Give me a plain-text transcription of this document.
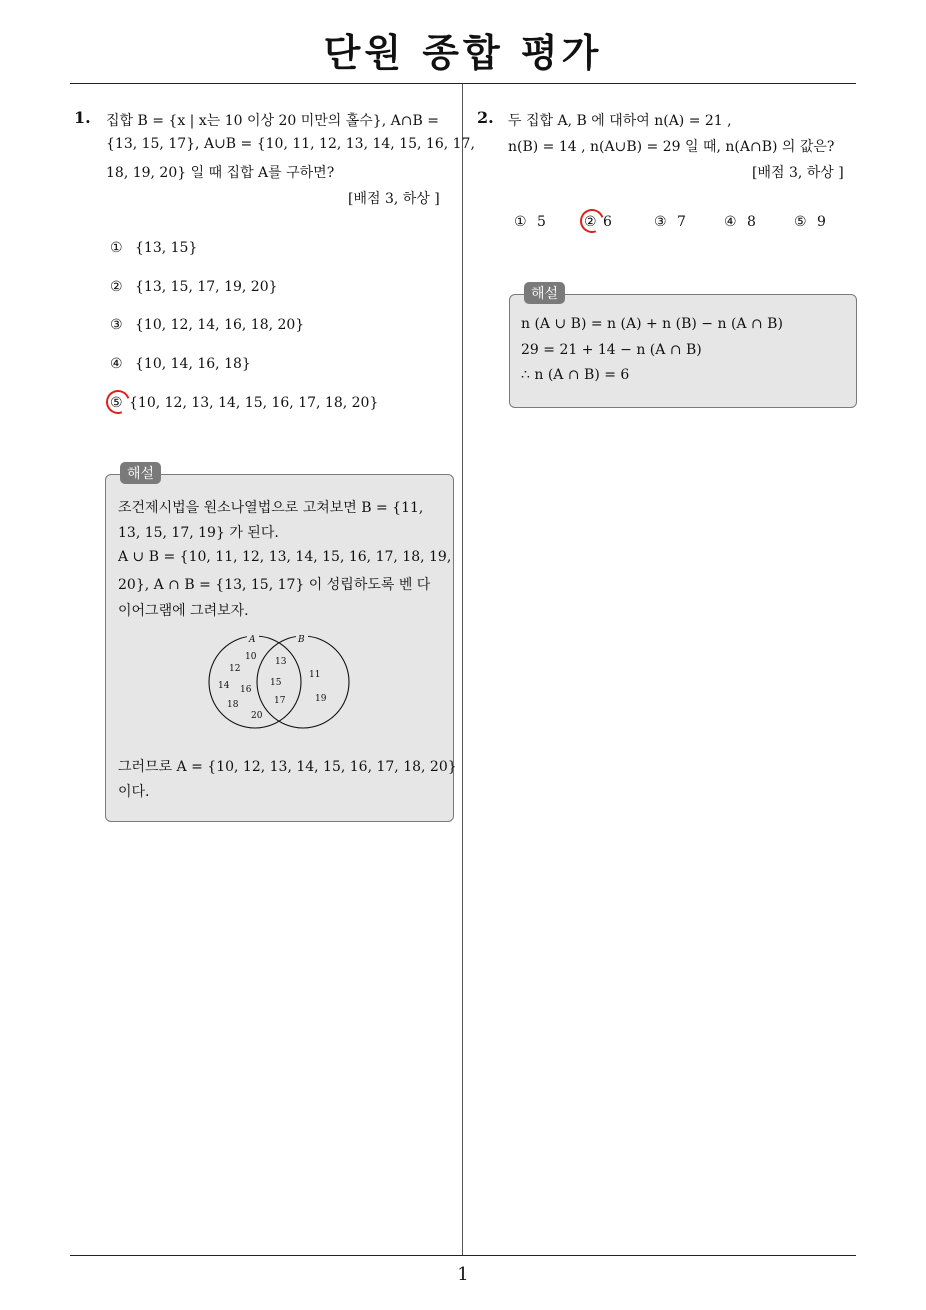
단원 종합 평가
1. 집합 B = {x | x는 10 이상 20 미만의 홀수}, A∩B =
{13, 15, 17}, A∪B = {10, 11, 12, 13, 14, 15, 16, 17,
18, 19, 20} 일 때 집합 A를 구하면?
[배점 3, 하상 ]
① {13, 15}
② {13, 15, 17, 19, 20}
③ {10, 12, 14, 16, 18, 20}
④ {10, 14, 16, 18}
⑤ {10, 12, 13, 14, 15, 16, 17, 18, 20}
해설
조건제시법을 원소나열법으로 고쳐보면 B = {11,
13, 15, 17, 19} 가 된다.
A ∪ B = {10, 11, 12, 13, 14, 15, 16, 17, 18, 19,
20}, A ∩ B = {13, 15, 17} 이 성립하도록 벤 다
이어그램에 그려보자.
A	B
10
12
14 16
18
20
13
15
17
11
19
그러므로 A = {10, 12, 13, 14, 15, 16, 17, 18, 20}
이다.
2. 두 집합 A, B 에 대하여 n(A) = 21 ,
n(B) = 14 , n(A∪B) = 29 일 때, n(A∩B) 의 값은?
[배점 3, 하상 ]
① 5	② 6	③ 7	④ 8	⑤ 9
해설
n (A ∪ B) = n (A) + n (B) − n (A ∩ B)
29 = 21 + 14 − n (A ∩ B)
∴ n (A ∩ B) = 6
1
